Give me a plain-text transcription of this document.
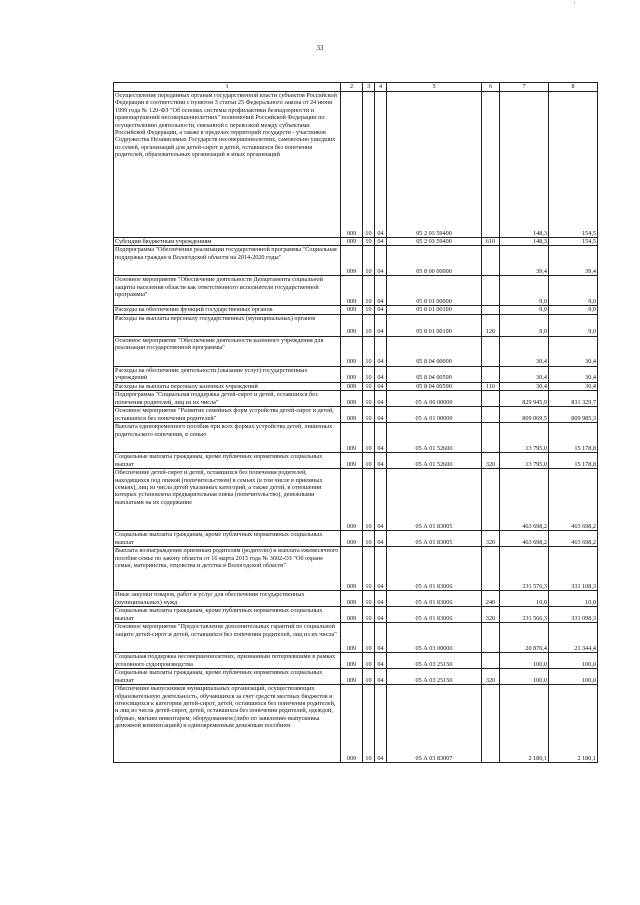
'
33
1	2	3	4	5	6	7	8
Осуществление переданных органам государственной власти субъектов Российской Федерации в соответствии с пунктом 3 статьи 25 Федерального закона от 24 июня 1999 года № 120-ФЗ "Об основах системы профилактики безнадзорности и правонарушений несовершеннолетних" полномочий Российской Федерации по осуществлению деятельности, связанной с перевозкой между субъектами Российской Федерации, а также в пределах территорий государств - участников Содружества Независимых Государств несовершеннолетних, самовольно ушедших из семей, организаций для детей-сирот и детей, оставшихся без попечения родителей, образовательных организаций и иных организаций	009	10	04	05 2 03 59400		148,3	154,5
Субсидии бюджетным учреждениям	009	10	04	05 2 03 59400	610	148,3	154,5
Подпрограмма "Обеспечение реализации государственной программы "Социальная поддержка граждан в Вологодской области на 2014-2020 годы"	009	10	04	05 8 00 00000		39,4	39,4
Основное мероприятие "Обеспечение деятельности Департамента социальной защиты населения области как ответственного исполнителя государственной программы"	009	10	04	05 8 01 00000		9,0	9,0
Расходы на обеспечение функций государственных органов	009	10	04	05 8 01 00190		9,0	9,0
Расходы на выплаты персоналу государственных (муниципальных) органов	009	10	04	05 8 01 00190	120	9,0	9,0
Основное мероприятие "Обеспечение деятельности казенного учреждения для реализации государственной программы"	009	10	04	05 8 04 00000		30,4	30,4
Расходы на обеспечение деятельности (оказание услуг) государственных учреждений	009	10	04	05 8 04 00590		30,4	30,4
Расходы на выплаты персоналу казенных учреждений	009	10	04	05 8 04 00590	110	30,4	30,4
Подпрограмма "Социальная поддержка детей-сирот и детей, оставшихся без попечения родителей, лиц из их числа"	009	10	04	05 А 00 00000		829 945,9	831 329,7
Основное мероприятие "Развитие семейных форм устройства детей-сирот и детей, оставшихся без попечения родителей"	009	10	04	05 А 01 00000		809 069,5	809 985,3
Выплата единовременного пособия при всех формах устройства детей, лишенных родительского попечения, в семью	009	10	04	05 А 01 52600		13 795,0	15 178,8
Социальные выплаты гражданам, кроме публичных нормативных социальных выплат	009	10	04	05 А 01 52600	320	13 795,0	15 178,8
Обеспечение детей-сирот и детей, оставшихся без попечения родителей, находящихся под опекой (попечительством) в семьях (в том числе в приемных семьях), лиц из числа детей указанных категорий, а также детей, в отношении которых установлена предварительная опека (попечительство), денежными выплатами на их содержание	009	10	04	05 А 01 83005		463 698,2	463 698,2
Социальные выплаты гражданам, кроме публичных нормативных социальных выплат	009	10	04	05 А 01 83005	320	463 698,2	463 698,2
Выплата вознаграждения приемным родителям (родителю) и выплата ежемесячного пособия семье по закону области от 16 марта 2015 года № 3602-ОЗ "Об охране семьи, материнства, отцовства и детства в Вологодской области"	009	10	04	05 А 01 83006		331 576,3	331 108,3
Иные закупки товаров, работ и услуг для обеспечения государственных (муниципальных) нужд	009	10	04	05 А 01 83006	240	10,0	10,0
Социальные выплаты гражданам, кроме публичных нормативных социальных выплат	009	10	04	05 А 01 83006	320	331 566,3	331 098,3
Основное мероприятие "Предоставление дополнительных гарантий по социальной защите детей-сирот и детей, оставшихся без попечения родителей, лиц из их числа"	009	10	04	05 А 03 00000		20 876,4	21 344,4
Социальная поддержка несовершеннолетних, признанным потерпевшими в рамках уголовного судопроизводства	009	10	04	05 А 03 25150		100,0	100,0
Социальные выплаты гражданам, кроме публичных нормативных социальных выплат	009	10	04	05 А 03 25150	320	100,0	100,0
Обеспечение выпускников муниципальных организаций, осуществляющих образовательную деятельность, обучавшихся за счет средств местных бюджетов и относящихся к категории детей-сирот, детей, оставшихся без попечения родителей, и лиц из числа детей-сирот, детей, оставшихся без попечения родителей, одеждой, обувью, мягким инвентарем, оборудованием (либо по заявлению выпускника денежной компенсацией) и единовременным денежным пособием	009	10	04	05 А 03 83007		2 180,1	2 180,1
